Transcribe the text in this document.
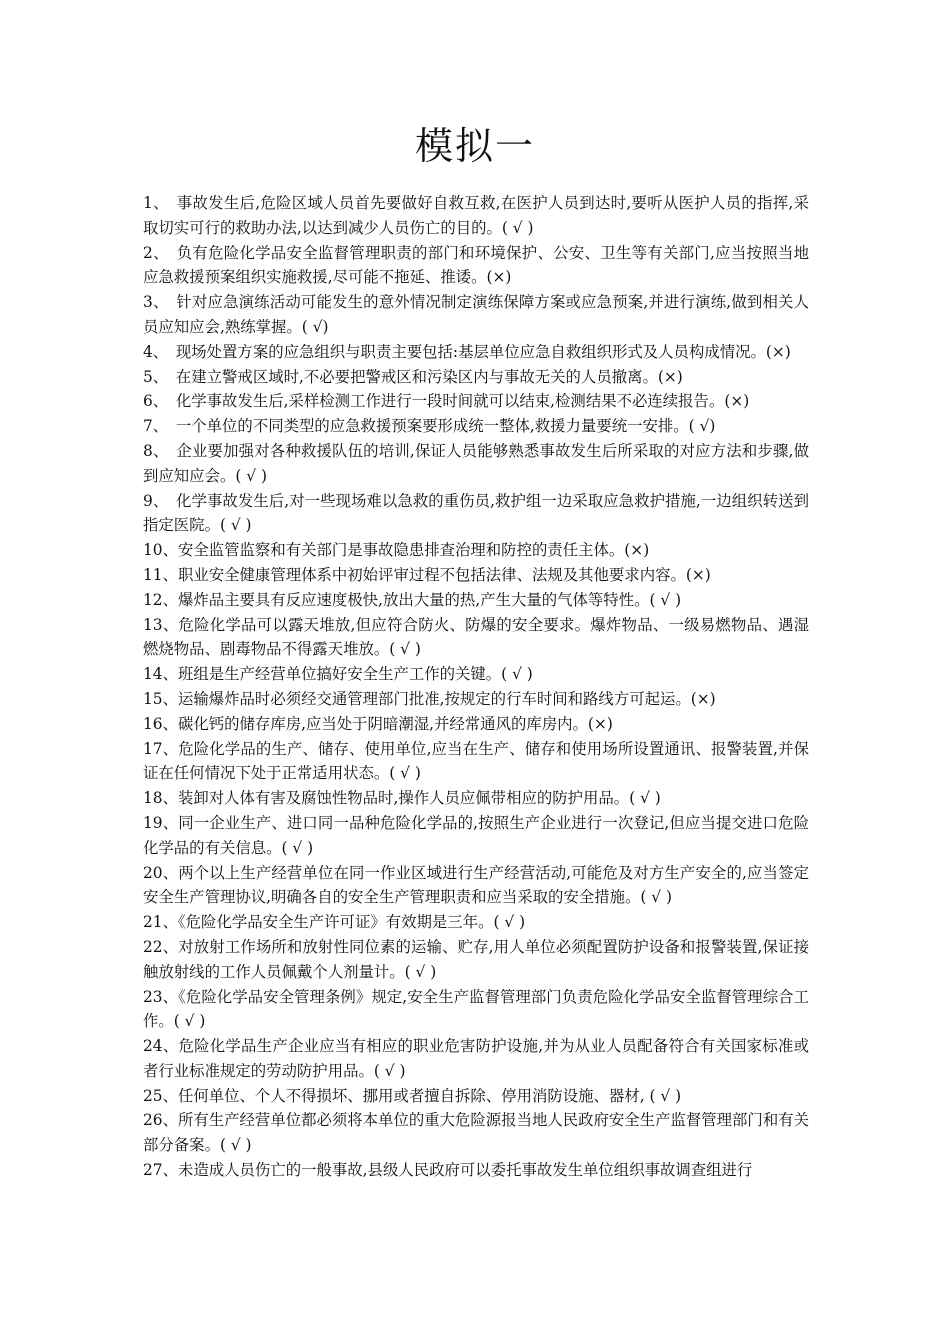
模拟一
1、　事故发生后,危险区域人员首先要做好自救互救,在医护人员到达时,要听从医护人员的指挥,采取切实可行的救助办法,以达到减少人员伤亡的目的。( √ )
2、　负有危险化学品安全监督管理职责的部门和环境保护、公安、卫生等有关部门,应当按照当地应急救援预案组织实施救援,尽可能不拖延、推诿。(×)
3、　针对应急演练活动可能发生的意外情况制定演练保障方案或应急预案,并进行演练,做到相关人员应知应会,熟练掌握。( √)
4、　现场处置方案的应急组织与职责主要包括:基层单位应急自救组织形式及人员构成情况。(×)
5、　在建立警戒区域时,不必要把警戒区和污染区内与事故无关的人员撤离。(×)
6、　化学事故发生后,采样检测工作进行一段时间就可以结束,检测结果不必连续报告。(×)
7、　一个单位的不同类型的应急救援预案要形成统一整体,救援力量要统一安排。( √)
8、　企业要加强对各种救援队伍的培训,保证人员能够熟悉事故发生后所采取的对应方法和步骤,做到应知应会。( √ )
9、　化学事故发生后,对一些现场难以急救的重伤员,救护组一边采取应急救护措施,一边组织转送到指定医院。( √ )
10、安全监管监察和有关部门是事故隐患排查治理和防控的责任主体。(×)
11、职业安全健康管理体系中初始评审过程不包括法律、法规及其他要求内容。(×)
12、爆炸品主要具有反应速度极快,放出大量的热,产生大量的气体等特性。( √ )
13、危险化学品可以露天堆放,但应符合防火、防爆的安全要求。爆炸物品、一级易燃物品、遇湿燃烧物品、剧毒物品不得露天堆放。( √ )
14、班组是生产经营单位搞好安全生产工作的关键。( √ )
15、运输爆炸品时必须经交通管理部门批准,按规定的行车时间和路线方可起运。(×)
16、碳化钙的储存库房,应当处于阴暗潮湿,并经常通风的库房内。(×)
17、危险化学品的生产、储存、使用单位,应当在生产、储存和使用场所设置通讯、报警装置,并保证在任何情况下处于正常适用状态。( √ )
18、装卸对人体有害及腐蚀性物品时,操作人员应佩带相应的防护用品。( √ )
19、同一企业生产、进口同一品种危险化学品的,按照生产企业进行一次登记,但应当提交进口危险化学品的有关信息。( √ )
20、两个以上生产经营单位在同一作业区域进行生产经营活动,可能危及对方生产安全的,应当签定安全生产管理协议,明确各自的安全生产管理职责和应当采取的安全措施。( √ )
21、《危险化学品安全生产许可证》有效期是三年。( √ )
22、对放射工作场所和放射性同位素的运输、贮存,用人单位必须配置防护设备和报警装置,保证接触放射线的工作人员佩戴个人剂量计。( √ )
23、《危险化学品安全管理条例》规定,安全生产监督管理部门负责危险化学品安全监督管理综合工作。( √ )
24、危险化学品生产企业应当有相应的职业危害防护设施,并为从业人员配备符合有关国家标准或者行业标准规定的劳动防护用品。( √ )
25、任何单位、个人不得损坏、挪用或者擅自拆除、停用消防设施、器材, ( √ )
26、所有生产经营单位都必须将本单位的重大危险源报当地人民政府安全生产监督管理部门和有关部分备案。( √ )
27、未造成人员伤亡的一般事故,县级人民政府可以委托事故发生单位组织事故调查组进行
